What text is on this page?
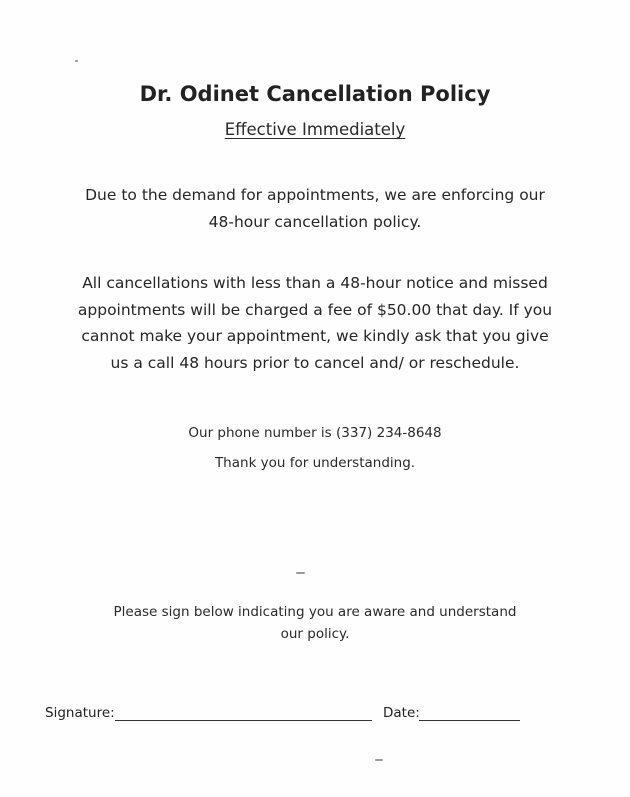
Dr. Odinet Cancellation Policy
Effective Immediately
Due to the demand for appointments, we are enforcing our
48-hour cancellation policy.
All cancellations with less than a 48-hour notice and missed
appointments will be charged a fee of $50.00 that day. If you
cannot make your appointment, we kindly ask that you give
us a call 48 hours prior to cancel and/ or reschedule.
Our phone number is (337) 234-8648
Thank you for understanding.
Please sign below indicating you are aware and understand
our policy.
Signature:	Date:
